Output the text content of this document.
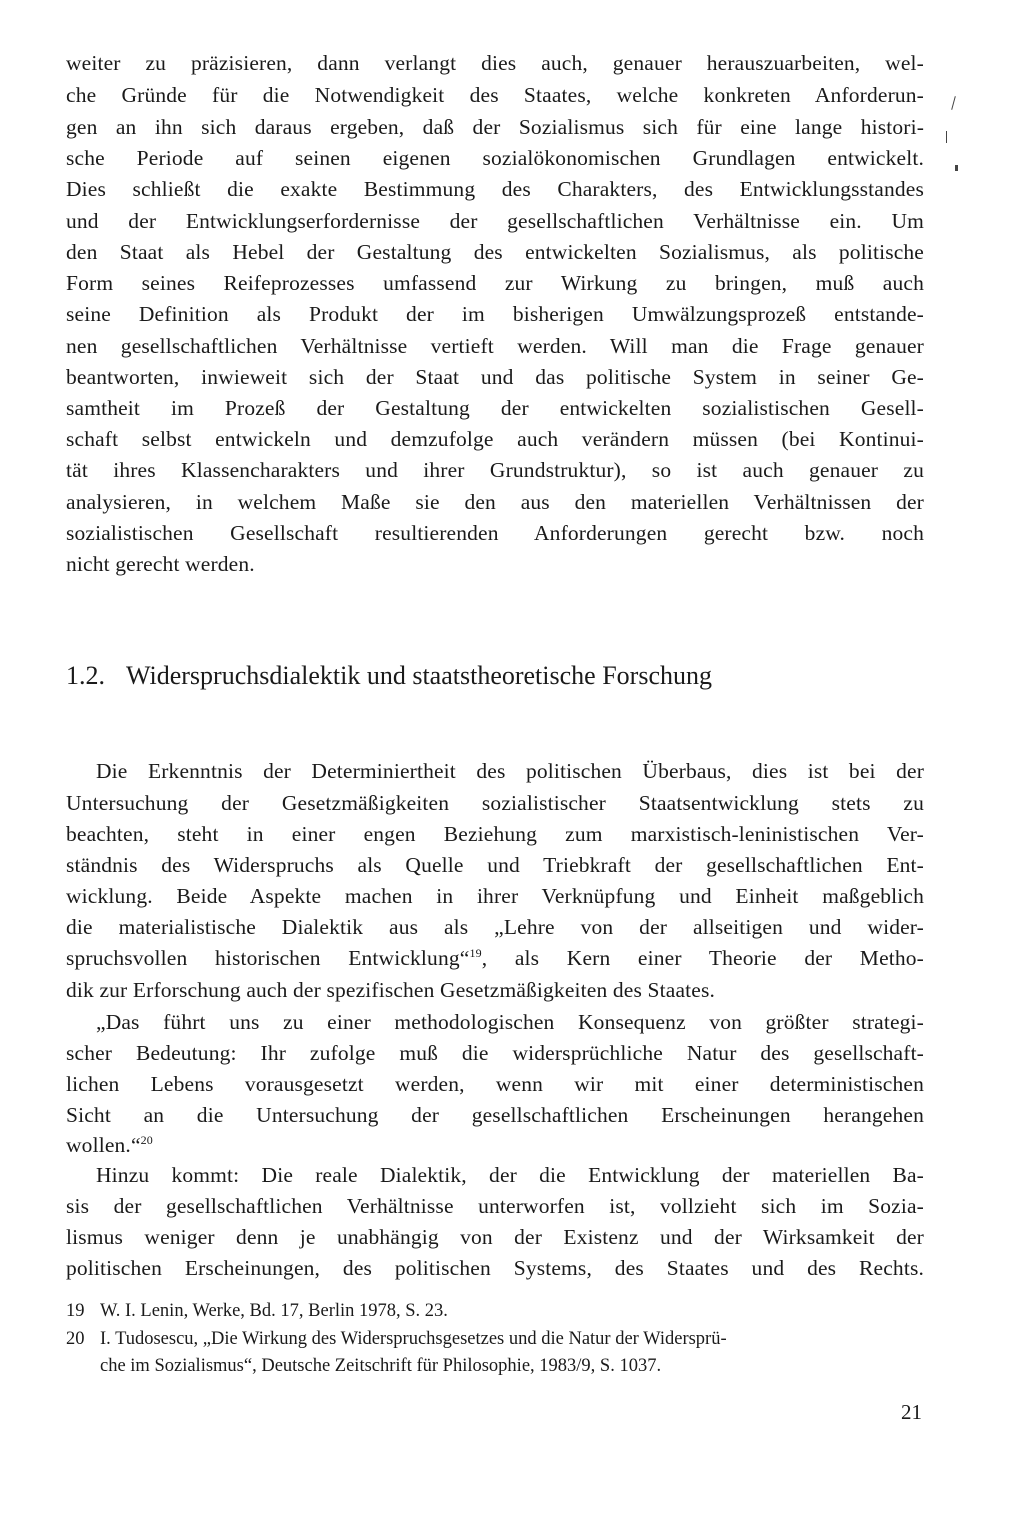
weiter zu präzisieren, dann verlangt dies auch, genauer herauszuarbeiten, wel-
che Gründe für die Notwendigkeit des Staates, welche konkreten Anforderun-
gen an ihn sich daraus ergeben, daß der Sozialismus sich für eine lange histori-
sche Periode auf seinen eigenen sozialökonomischen Grundlagen entwickelt.
Dies schließt die exakte Bestimmung des Charakters, des Entwicklungsstandes
und der Entwicklungserfordernisse der gesellschaftlichen Verhältnisse ein. Um
den Staat als Hebel der Gestaltung des entwickelten Sozialismus, als politische
Form seines Reifeprozesses umfassend zur Wirkung zu bringen, muß auch
seine Definition als Produkt der im bisherigen Umwälzungsprozeß entstande-
nen gesellschaftlichen Verhältnisse vertieft werden. Will man die Frage genauer
beantworten, inwieweit sich der Staat und das politische System in seiner Ge-
samtheit im Prozeß der Gestaltung der entwickelten sozialistischen Gesell-
schaft selbst entwickeln und demzufolge auch verändern müssen (bei Kontinui-
tät ihres Klassencharakters und ihrer Grundstruktur), so ist auch genauer zu
analysieren, in welchem Maße sie den aus den materiellen Verhältnissen der
sozialistischen Gesellschaft resultierenden Anforderungen gerecht bzw. noch
nicht gerecht werden.
1.2. Widerspruchsdialektik und staatstheoretische Forschung
Die Erkenntnis der Determiniertheit des politischen Überbaus, dies ist bei der
Untersuchung der Gesetzmäßigkeiten sozialistischer Staatsentwicklung stets zu
beachten, steht in einer engen Beziehung zum marxistisch-leninistischen Ver-
ständnis des Widerspruchs als Quelle und Triebkraft der gesellschaftlichen Ent-
wicklung. Beide Aspekte machen in ihrer Verknüpfung und Einheit maßgeblich
die materialistische Dialektik aus als „Lehre von der allseitigen und wider-
spruchsvollen historischen Entwicklung“$^{19}$, als Kern einer Theorie der Metho-
dik zur Erforschung auch der spezifischen Gesetzmäßigkeiten des Staates.
„Das führt uns zu einer methodologischen Konsequenz von größter strategi-
scher Bedeutung: Ihr zufolge muß die widersprüchliche Natur des gesellschaft-
lichen Lebens vorausgesetzt werden, wenn wir mit einer deterministischen
Sicht an die Untersuchung der gesellschaftlichen Erscheinungen herangehen
wollen.“$^{20}$
Hinzu kommt: Die reale Dialektik, der die Entwicklung der materiellen Ba-
sis der gesellschaftlichen Verhältnisse unterworfen ist, vollzieht sich im Sozia-
lismus weniger denn je unabhängig von der Existenz und der Wirksamkeit der
politischen Erscheinungen, des politischen Systems, des Staates und des Rechts.
19 W. I. Lenin, Werke, Bd. 17, Berlin 1978, S. 23.
20 I. Tudosescu, „Die Wirkung des Widerspruchsgesetzes und die Natur der Widersprü-
che im Sozialismus“, Deutsche Zeitschrift für Philosophie, 1983/9, S. 1037.
21
